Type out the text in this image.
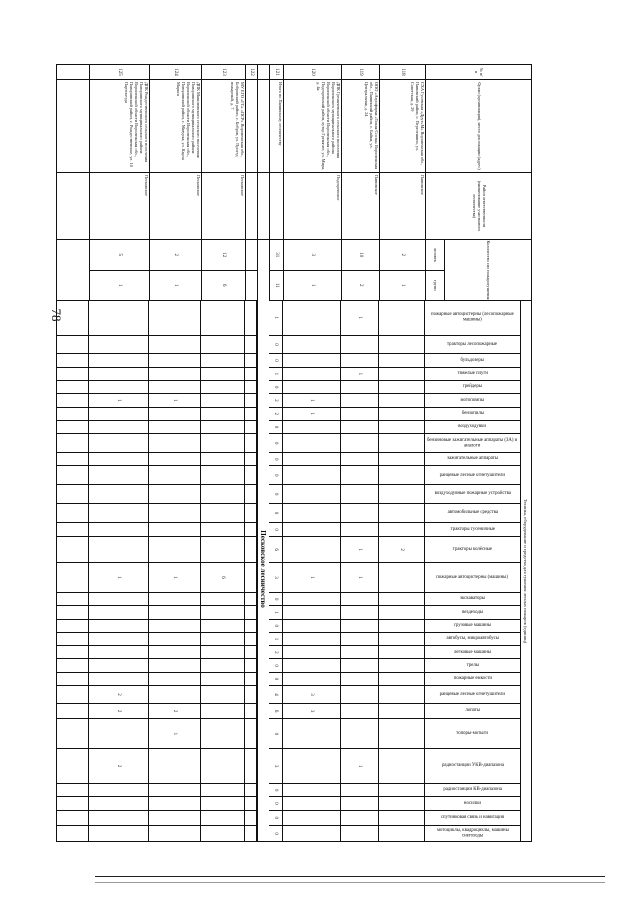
78
№ п/п
118
119
120
121
122
123
124
125
Орган (организация), место дислокации (адрес)
СХА Гусевская «Друг»М» Воронежская обл., Панинский район, с. Перелешино, ул. Советская, д. 29
ООО «Агрофирма «Тихая Сосна» Воронежская обл., Панинский район, с. Байки, ул. Центральная, д. 24
ДПК Гремяченского сельского поселения Воронежского муниципального района Воронежской области Воронежская обл., Подгоренский район, хутор Гремячее, ул. Мира, д. 4а
Итого по Панинскому лесничеству
МУ ЕГО «ГС» «ПСР» Воронежская обл., Бобровский район, с. Бобров, ул. Проезд пожарный, д. 7
ДПК Мамоновского сельского поселения Поворинского муниципального района Воронежской области Воронежская обл., Поворинский район, с. Мазурка, ул. Карла Маркса
ДПК Рождественского сельского поселения Поворинского муниципального района Воронежской области Воронежская обл., Поворинский район, с. Рождественское, ул. 10 Партсъезда
Район ответственности (наименование участкового лесничества)
Панинское
Панинское
Подгоренское
Песковское
Песковское
Песковское
Количество сил пожаротушения
человек
групп
2
1
10
2
3
1
31
11
12
6
2
1
5
1
Техника, оборудование и средства для тушения лесных пожаров (единиц)
пожарные автоцистерны (лесопожарные машины)
1
1
тракторы лесопожарные
0
бульдозеры
0
тяжелые плуги
1
1
грейдеры
0
мотопомпы
1
2
1
1
бензопилы
1
2
воздуходувки
0
бензиновые зажигательные аппараты (ЗА) и аналоги
0
зажигательные аппараты
0
ранцевые лесные огнетушители
0
воздуходувные пожарные устройства
0
автомобильные средства
0
тракторы гусеничные
0
тракторы колёсные
2
1
6
пожарные автоцистерны (машины)
1
1
3
6
1
1
экскаваторы
0
вездеходы
1
грузовые машины
0
автобусы, микроавтобусы
1
легковые машины
2
трелы
0
пожарные емкости
0
ранцевые лесные огнетушители
3
4
2
лопаты
3
6
2
2
топоры-мотыги
0
1
радиостанции УКВ-диапазона
1
3
2
радиостанции КВ-диапазона
0
носилки
0
спутниковая связь и навигация
0
мотоциклы, квадроциклы, машины снегоходы
0
Песковское лесничество
